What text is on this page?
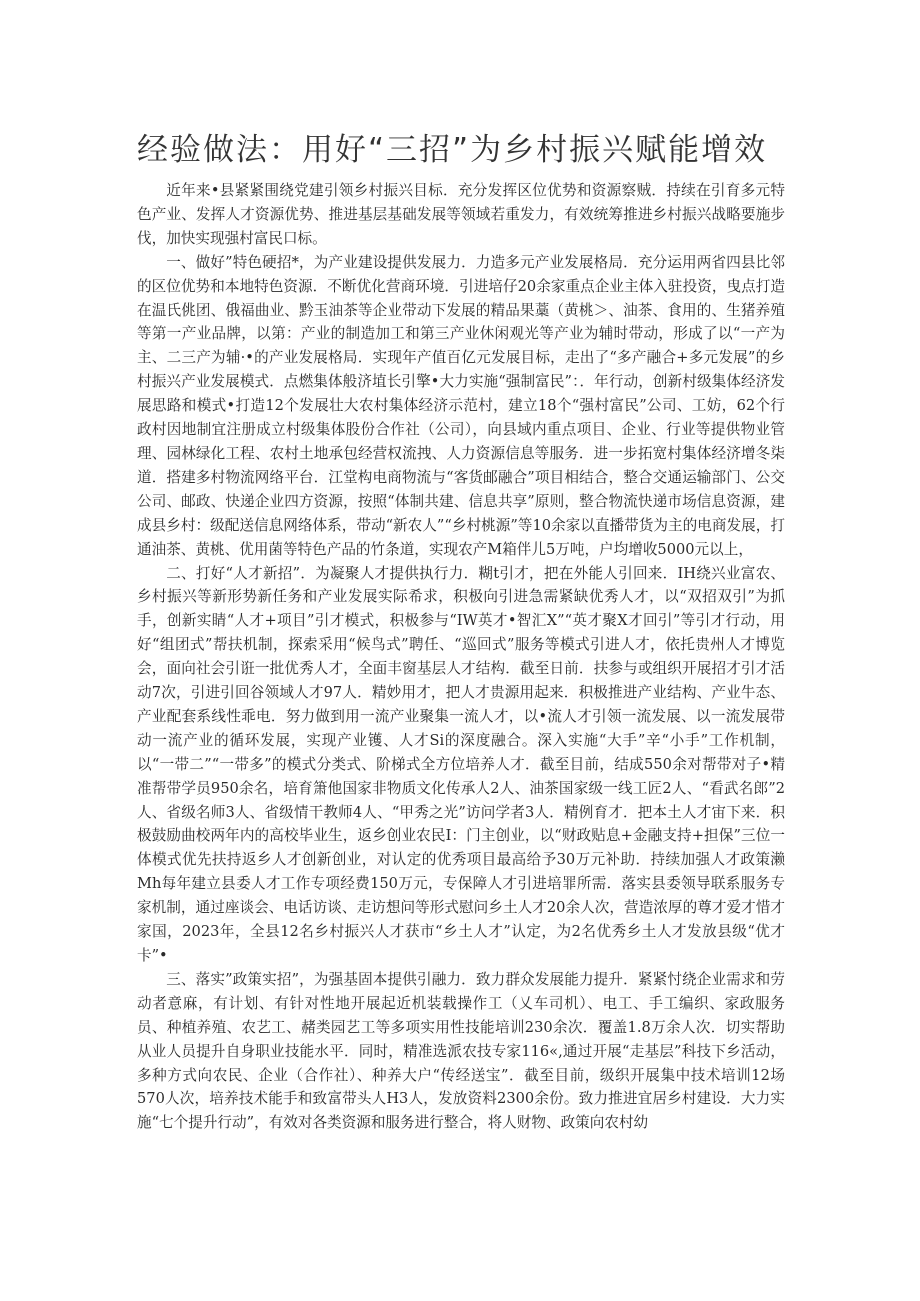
经验做法：用好“三招”为乡村振兴赋能增效

近年来•县紧紧围绕党建引领乡村振兴目标．充分发挥区位优势和资源察贼．持续在引育多元特色产业、发挥人才资源优势、推进基层基础发展等领域若重发力，有效统筹推进乡村振兴战略要施步伐，加快实现强村富民口标。

一、做好”特色硬招*，为产业建设提供发展力．力造多元产业发展格局．充分运用两省四县比邻的区位优势和本地特色资源．不断优化营商环境．引进培仔20余家重点企业主体入驻投资，曳点打造在温氏佻团、俄福曲业、黔玉油茶等企业带动下发展的精品果藁（黄桃＞、油茶、食用的、生猪养殖等第一产业品牌，以第：产业的制造加工和第三产业休闲观光等产业为辅时带动，形成了以“一产为主、二三产为辅·•的产业发展格局．实现年产值百亿元发展目标，走出了“多产融合+多元发展”的乡村振兴产业发展模式．点燃集体般济埴长引擎•大力实施“强制富民”：．年行动，创新村级集体经济发展思路和模式•打造12个发展壮大农村集体经济示范村，建立18个“强村富民”公司、工妨，62个行政村因地制宜注册成立村级集体股份合作社（公司），向县域内重点项目、企业、行业等提供物业管理、园林绿化工程、农村土地承包经营权流拽、人力资源信息等服务．进一步拓宽村集体经济增冬柒道．搭建多村物流网络平台．江堂构电商物流与“客货邮融合”项目相结合，整合交通运输部门、公交公司、邮政、快递企业四方资源，按照“体制共建、信息共享”原则，整合物流快递市场信息资源，建成县乡村：级配送信息网络体系，带动“新农人”“乡村桃源”等10余家以直播带货为主的电商发展，打通油茶、黄桃、优用菌等特色产品的竹条道，实现农产M箱伴儿5万吨，户均增收5000元以上，

二、打好“人才新招”．为凝聚人才提供执行力．糊t引才，把在外能人引回来．IH绕兴业富农、乡村振兴等新形势新任务和产业发展实际希求，积极向引进急需紧缺优秀人才，以“双招双引”为抓手，创新实睛“人才+项目”引才模式，积极参与“IW英才•智汇X”“英才聚X才回引”等引才行动，用好“组团式”帮扶机制，探索采用“候鸟式”聘任、“巡回式”服务等模式引进人才，依托贵州人才博览会，面向社会引诳一批优秀人才，全面丰窗基层人才结构．截至日前．扶参与或组织开展招才引才活动7次，引进引回谷领域人才97人．精妙用才，把人才贵源用起来．积极推进产业结构、产业牛态、产业配套系线性乖电．努力做到用一流产业聚集一流人才，以•流人才引领一流发展、以一流发展带动一流产业的循环发展，实现产业镬、人才Si的深度融合。深入实施“大手”辛“小手”工作机制，以“一带二”“一带多”的模式分类式、阶梯式全方位培养人才．截至目前，结成550余对帮带对子•精准帮带学员950余名，培育箫他国家非物质文化传承人2人、油茶国家级一线工匠2人、“看武名郎”2人、省级名师3人、省级情干教师4人、“甲秀之光”访问学者3人．精例育才．把本土人才宙下来．积极鼓励曲校两年内的高校毕业生，返乡创业农民I：门主创业，以“财政贴息+金融支持+担保”三位一体模式优先扶持返乡人才创新创业，对认定的优秀项目最高给予30万元补助．持续加强人才政策濑Mh每年建立县委人才工作专项经费150万元，专保障人才引进培罪所需．落实县委领导联系服务专家机制，通过座谈会、电话访谈、走访想问等形式慰问乡土人才20余人次，营造浓厚的尊才爱才惜才家国，2023年，全县12名乡村振兴人才获市“乡土人才”认定，为2名优秀乡土人才发放县级“优才卡”•

三、落实”政策实招”，为强基固本提供引融力．致力群众发展能力提升．紧紧忖绕企业需求和劳动者意麻，有计划、有针对性地开展起近机装载操作工（乂车司机）、电工、手工编织、家政服务员、种植养殖、农艺工、赭类园艺工等多项实用性技能培训230余次．覆盖1.8万余人次．切实帮助从业人员提升自身职业技能水平．同时，精准选派农技专家116«,通过开展“走基层”科技下乡活动，多种方式向农民、企业（合作社）、种养大户“传经送宝”．截至目前，级织开展集中技术培训12场570人次，培养技术能手和致富带头人H3人，发放资料2300余份。致力推进宜居乡村建设．大力实施“七个提升行动”，有效对各类资源和服务进行整合，将人财物、政策向农村幼
